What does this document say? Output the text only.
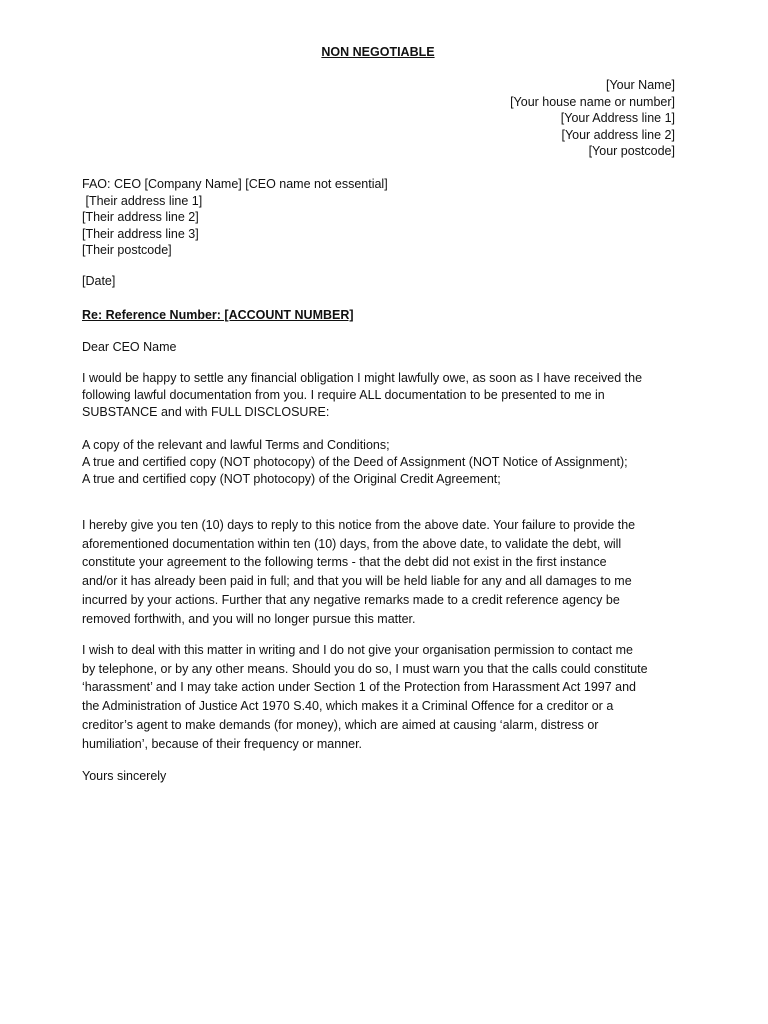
NON NEGOTIABLE
[Your Name]
[Your house name or number]
[Your Address line 1]
[Your address line 2]
[Your postcode]
FAO: CEO [Company Name] [CEO name not essential]
[Their address line 1]
[Their address line 2]
[Their address line 3]
[Their postcode]
[Date]
Re: Reference Number: [ACCOUNT NUMBER]
Dear CEO Name
I would be happy to settle any financial obligation I might lawfully owe, as soon as I have received the
following lawful documentation from you. I require ALL documentation to be presented to me in
SUBSTANCE and with FULL DISCLOSURE:
A copy of the relevant and lawful Terms and Conditions;
A true and certified copy (NOT photocopy) of the Deed of Assignment (NOT Notice of Assignment);
A true and certified copy (NOT photocopy) of the Original Credit Agreement;
I hereby give you ten (10) days to reply to this notice from the above date. Your failure to provide the
aforementioned documentation within ten (10) days, from the above date, to validate the debt, will
constitute your agreement to the following terms - that the debt did not exist in the first instance
and/or it has already been paid in full; and that you will be held liable for any and all damages to me
incurred by your actions. Further that any negative remarks made to a credit reference agency be
removed forthwith, and you will no longer pursue this matter.
I wish to deal with this matter in writing and I do not give your organisation permission to contact me
by telephone, or by any other means. Should you do so, I must warn you that the calls could constitute
‘harassment’ and I may take action under Section 1 of the Protection from Harassment Act 1997 and
the Administration of Justice Act 1970 S.40, which makes it a Criminal Offence for a creditor or a
creditor’s agent to make demands (for money), which are aimed at causing ‘alarm, distress or
humiliation’, because of their frequency or manner.
Yours sincerely
